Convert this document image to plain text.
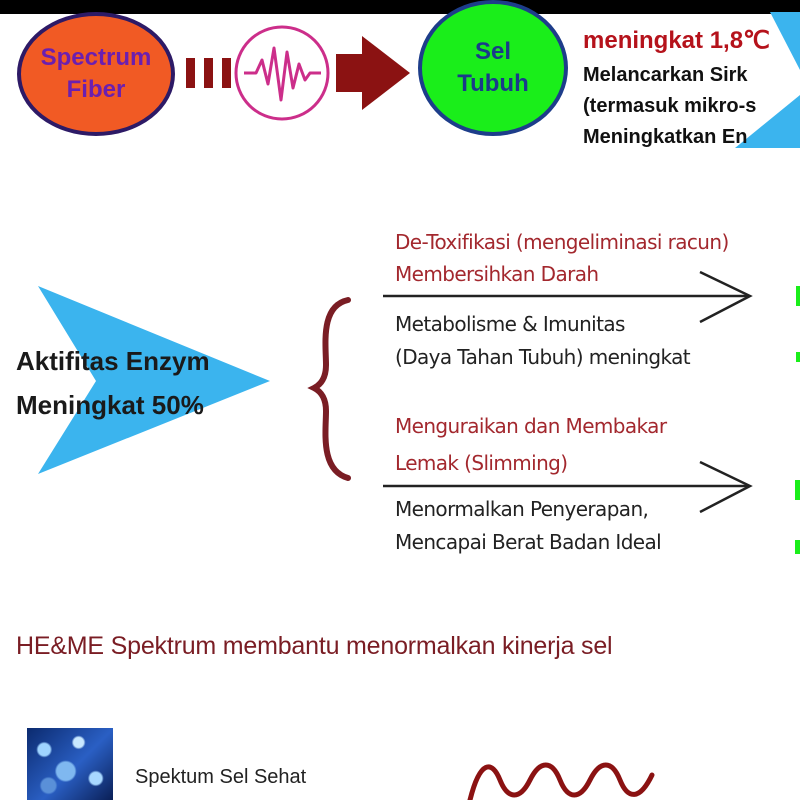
Spectrum
Fiber
Sel
Tubuh
meningkat 1,8℃
Melancarkan Sirk
(termasuk mikro-s
Meningkatkan En
Aktifitas Enzym
Meningkat 50%
De-Toxifikasi (mengeliminasi racun)
Membersihkan Darah
Metabolisme & Imunitas
(Daya Tahan Tubuh) meningkat
Menguraikan dan Membakar
Lemak (Slimming)
Menormalkan Penyerapan,
Mencapai Berat Badan Ideal
HE&ME Spektrum membantu menormalkan kinerja sel
Spektum Sel Sehat
